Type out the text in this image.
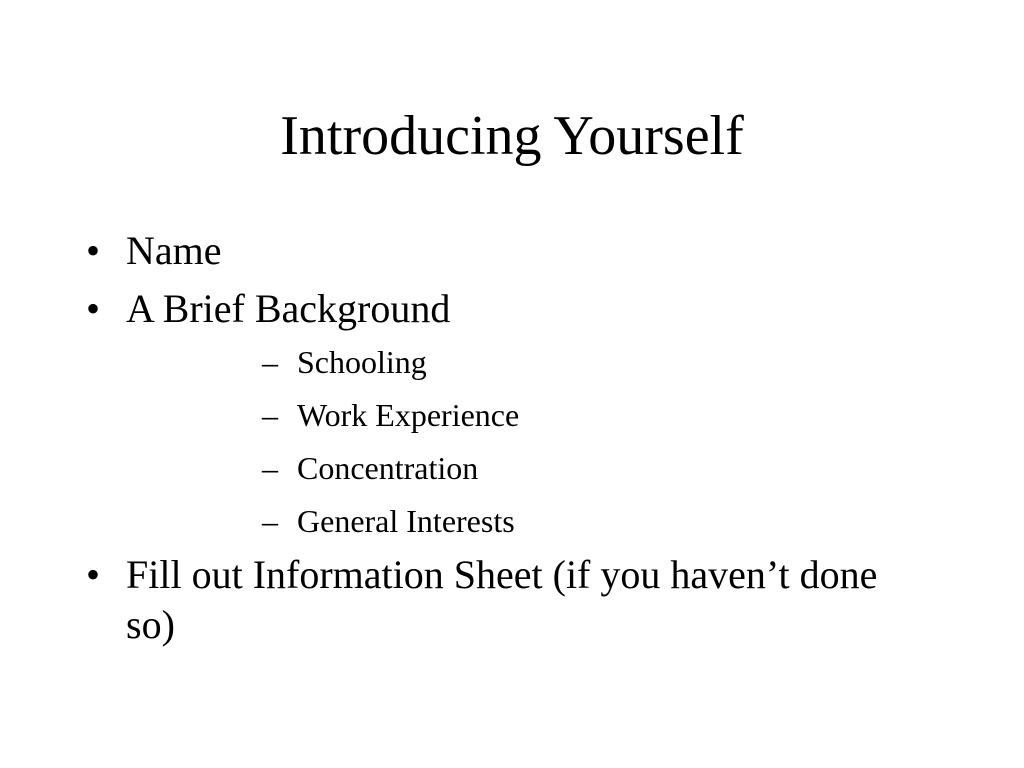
Introducing Yourself
• Name
• A Brief Background
– Schooling
– Work Experience
– Concentration
– General Interests
• Fill out Information Sheet (if you haven’t done so)
